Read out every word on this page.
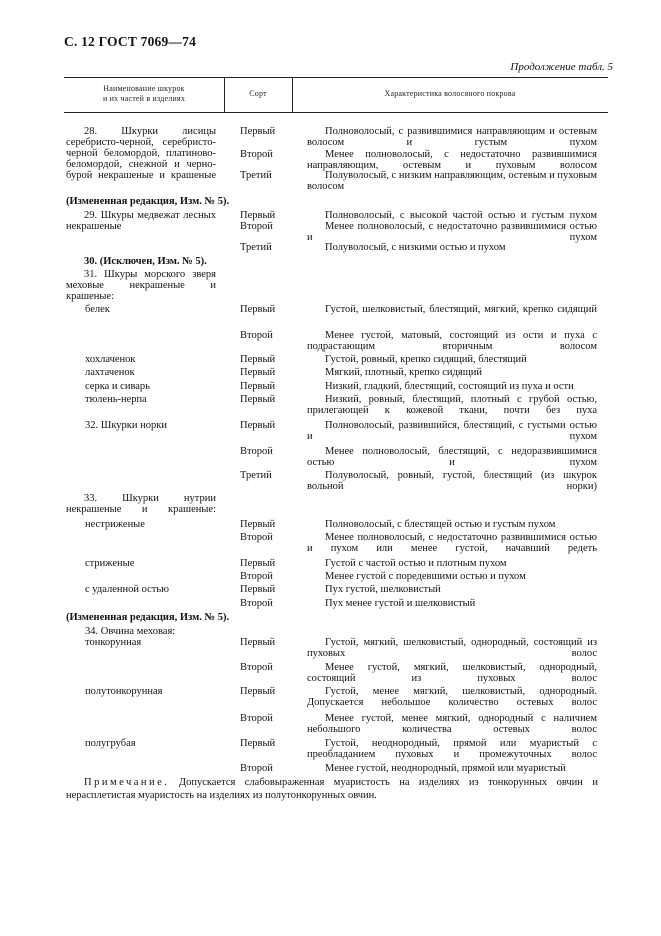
С. 12 ГОСТ 7069—74
Продолжение табл. 5
Наименование шкурок
и их частей в изделиях
Сорт	Характеристика волосяного покрова
28. Шкурки лисицы серебристо-черной, серебристо-черной беломордой, платиново-беломордой, снежной и черно-бурой некрашеные и крашеные
Первый	Полноволосый, с развившимися направляющим и остевым волосом и густым пухом
Второй	Менее полноволосый, с недостаточно развившимися направляющим, остевым и пуховым волосом
Третий	Полуволосый, с низким направляющим, остевым и пуховым волосом
(Измененная редакция, Изм. № 5).
29. Шкуры медвежат лесных некрашеные
Первый	Полноволосый, с высокой частой остью и густым пухом
Второй	Менее полноволосый, с недостаточно развившимися остью и пухом
Третий	Полуволосый, с низкими остью и пухом
30. (Исключен, Изм. № 5).
31. Шкуры морского зверя меховые некрашеные и крашеные:
белек	Первый	Густой, шелковистый, блестящий, мягкий, крепко сидящий
Второй	Менее густой, матовый, состоящий из ости и пуха с подрастающим вторичным волосом
хохлаченок	Первый	Густой, ровный, крепко сидящий, блестящий
лахтаченок	Первый	Мягкий, плотный, крепко сидящий
серка и сиварь	Первый	Низкий, гладкий, блестящий, состоящий из пуха и ости
тюлень-нерпа	Первый	Низкий, ровный, блестящий, плотный с грубой остью, прилегающей к кожевой ткани, почти без пуха
32. Шкурки норки	Первый	Полноволосый, развившийся, блестящий, с густыми остью и пухом
Второй	Менее полноволосый, блестящий, с недоразвившимися остью и пухом
Третий	Полуволосый, ровный, густой, блестящий (из шкурок вольной норки)
33. Шкурки нутрии некрашеные и крашеные:
нестриженые	Первый	Полноволосый, с блестящей остью и густым пухом
Второй	Менее полноволосый, с недостаточно развившимися остью и пухом или менее густой, начавший редеть
стриженые	Первый	Густой с частой остью и плотным пухом
Второй	Менее густой с поредевшими остью и пухом
с удаленной остью	Первый	Пух густой, шелковистый
Второй	Пух менее густой и шелковистый
(Измененная редакция, Изм. № 5).
34. Овчина меховая:
тонкорунная	Первый	Густой, мягкий, шелковистый, однородный, состоящий из пуховых волос
Второй	Менее густой, мягкий, шелковистый, однородный, состоящий из пуховых волос
полутонкорунная	Первый	Густой, менее мягкий, шелковистый, однородный. Допускается небольшое количество остевых волос
Второй	Менее густой, менее мягкий, однородный с наличием небольшого количества остевых волос
полугрубая	Первый	Густой, неоднородный, прямой или муаристый с преобладанием пуховых и промежуточных волос
Второй	Менее густой, неоднородный, прямой или муаристый
Примечание. Допускается слабовыраженная муаристость на изделиях из тонкорунных овчин и нерасплетистая муаристость на изделиях из полутонкорунных овчин.
